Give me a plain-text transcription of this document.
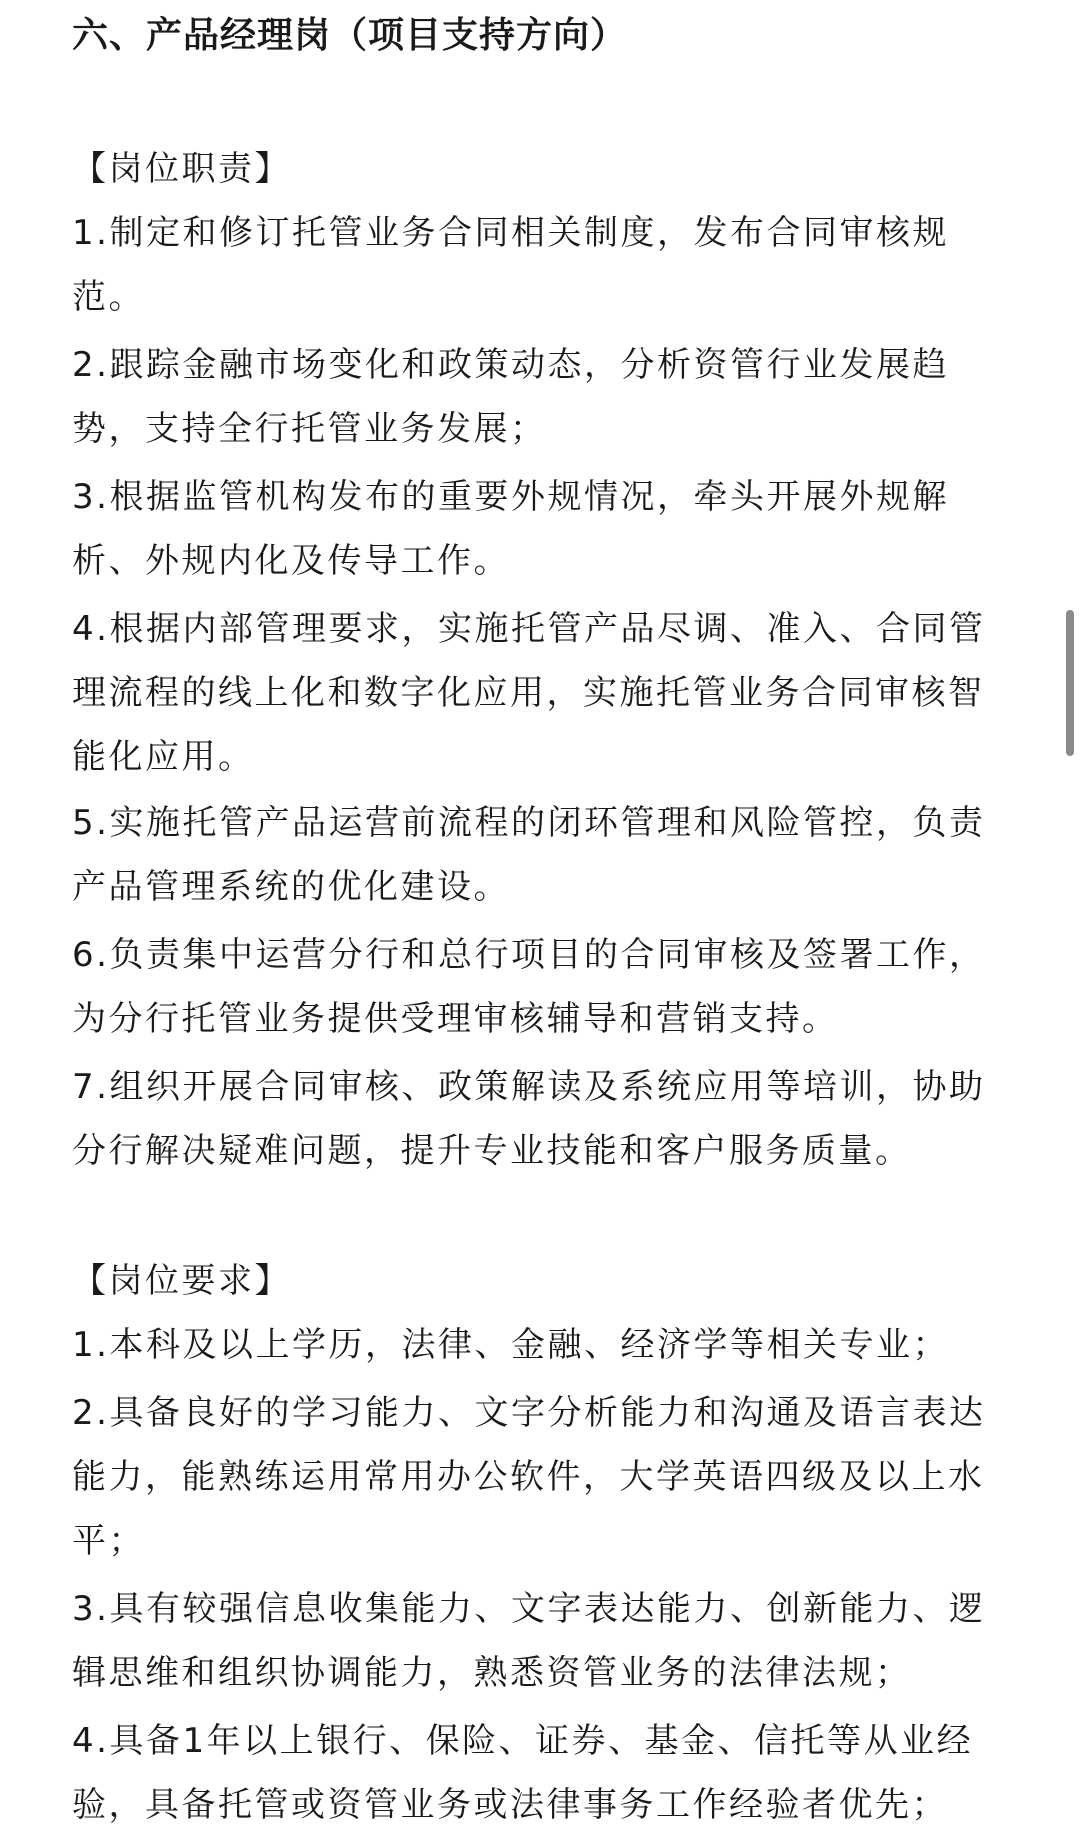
六、产品经理岗（项目支持方向）
【岗位职责】
1.制定和修订托管业务合同相关制度，发布合同审核规
范。
2.跟踪金融市场变化和政策动态，分析资管行业发展趋
势，支持全行托管业务发展；
3.根据监管机构发布的重要外规情况，牵头开展外规解
析、外规内化及传导工作。
4.根据内部管理要求，实施托管产品尽调、准入、合同管
理流程的线上化和数字化应用，实施托管业务合同审核智
能化应用。
5.实施托管产品运营前流程的闭环管理和风险管控，负责
产品管理系统的优化建设。
6.负责集中运营分行和总行项目的合同审核及签署工作，
为分行托管业务提供受理审核辅导和营销支持。
7.组织开展合同审核、政策解读及系统应用等培训，协助
分行解决疑难问题，提升专业技能和客户服务质量。
【岗位要求】
1.本科及以上学历，法律、金融、经济学等相关专业；
2.具备良好的学习能力、文字分析能力和沟通及语言表达
能力，能熟练运用常用办公软件，大学英语四级及以上水
平；
3.具有较强信息收集能力、文字表达能力、创新能力、逻
辑思维和组织协调能力，熟悉资管业务的法律法规；
4.具备1年以上银行、保险、证券、基金、信托等从业经
验，具备托管或资管业务或法律事务工作经验者优先；
